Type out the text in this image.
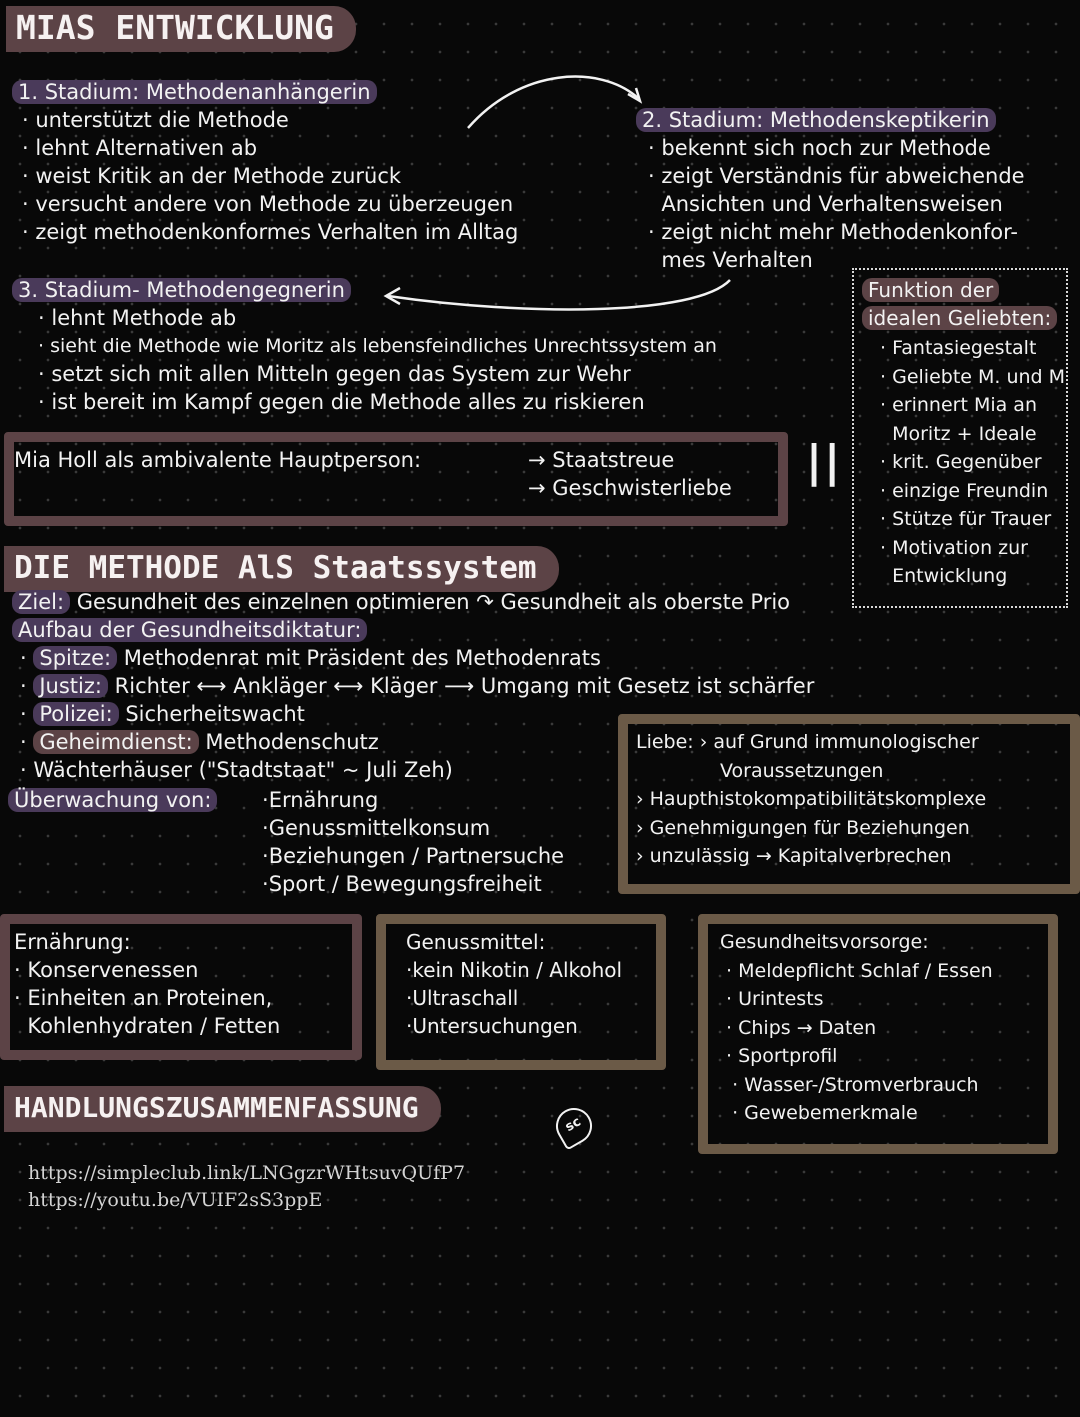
MIAS ENTWICKLUNG
1. Stadium: Methodenanhängerin
· unterstützt die Methode
· lehnt Alternativen ab
· weist Kritik an der Methode zurück
· versucht andere von Methode zu überzeugen
· zeigt methodenkonformes Verhalten im Alltag
2. Stadium: Methodenskeptikerin
· bekennt sich noch zur Methode
· zeigt Verständnis für abweichende
Ansichten und Verhaltensweisen
· zeigt nicht mehr Methodenkonfor-
mes Verhalten
3. Stadium- Methodengegnerin
· lehnt Methode ab
· sieht die Methode wie Moritz als lebensfeindliches Unrechtssystem an
· setzt sich mit allen Mitteln gegen das System zur Wehr
· ist bereit im Kampf gegen die Methode alles zu riskieren
Mia Holl als ambivalente Hauptperson:	→ Staatstreue
→ Geschwisterliebe
||
Funktion der
idealen Geliebten:
· Fantasiegestalt
· Geliebte M. und M
· erinnert Mia an
Moritz + Ideale
· krit. Gegenüber
· einzige Freundin
· Stütze für Trauer
· Motivation zur
Entwicklung
DIE METHODE AlS Staatssystem
Ziel: Gesundheit des einzelnen optimieren ↷ Gesundheit als oberste Prio
Aufbau der Gesundheitsdiktatur:
· Spitze: Methodenrat mit Präsident des Methodenrats
· Justiz: Richter ⟷ Ankläger ⟷ Kläger ⟶ Umgang mit Gesetz ist schärfer
· Polizei: Sicherheitswacht
· Geheimdienst: Methodenschutz
· Wächterhäuser ("Stadtstaat" ~ Juli Zeh)
Überwachung von: ·Ernährung
·Genussmittelkonsum
·Beziehungen / Partnersuche
·Sport / Bewegungsfreiheit
Liebe: › auf Grund immunologischer
Voraussetzungen
› Haupthistokompatibilitätskomplexe
› Genehmigungen für Beziehungen
› unzulässig → Kapitalverbrechen
Ernährung:
· Konservenessen
· Einheiten an Proteinen,
Kohlenhydraten / Fetten
Genussmittel:
·kein Nikotin / Alkohol
·Ultraschall
·Untersuchungen
Gesundheitsvorsorge:
· Meldepflicht Schlaf / Essen
· Urintests
· Chips → Daten
· Sportprofil
· Wasser-/Stromverbrauch
· Gewebemerkmale
HANDLUNGSZUSAMMENFASSUNG
sc
https://simpleclub.link/LNGgzrWHtsuvQUfP7
https://youtu.be/VUIF2sS3ppE
